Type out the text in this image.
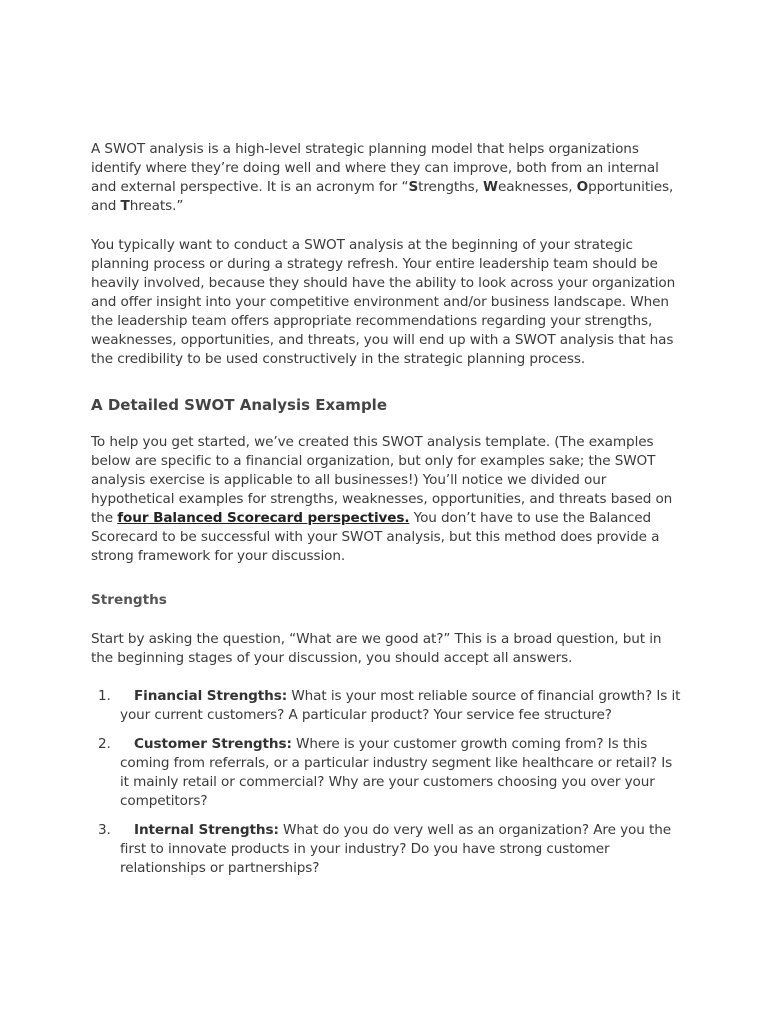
A SWOT analysis is a high-level strategic planning model that helps organizations identify where they’re doing well and where they can improve, both from an internal and external perspective. It is an acronym for “Strengths, Weaknesses, Opportunities, and Threats.”

You typically want to conduct a SWOT analysis at the beginning of your strategic planning process or during a strategy refresh. Your entire leadership team should be heavily involved, because they should have the ability to look across your organization and offer insight into your competitive environment and/or business landscape. When the leadership team offers appropriate recommendations regarding your strengths, weaknesses, opportunities, and threats, you will end up with a SWOT analysis that has the credibility to be used constructively in the strategic planning process.

A Detailed SWOT Analysis Example

To help you get started, we’ve created this SWOT analysis template. (The examples below are specific to a financial organization, but only for examples sake; the SWOT analysis exercise is applicable to all businesses!) You’ll notice we divided our hypothetical examples for strengths, weaknesses, opportunities, and threats based on the four Balanced Scorecard perspectives. You don’t have to use the Balanced Scorecard to be successful with your SWOT analysis, but this method does provide a strong framework for your discussion.

Strengths

Start by asking the question, “What are we good at?” This is a broad question, but in the beginning stages of your discussion, you should accept all answers.

1. Financial Strengths: What is your most reliable source of financial growth? Is it your current customers? A particular product? Your service fee structure?
2. Customer Strengths: Where is your customer growth coming from? Is this coming from referrals, or a particular industry segment like healthcare or retail? Is it mainly retail or commercial? Why are your customers choosing you over your competitors?
3. Internal Strengths: What do you do very well as an organization? Are you the first to innovate products in your industry? Do you have strong customer relationships or partnerships?
